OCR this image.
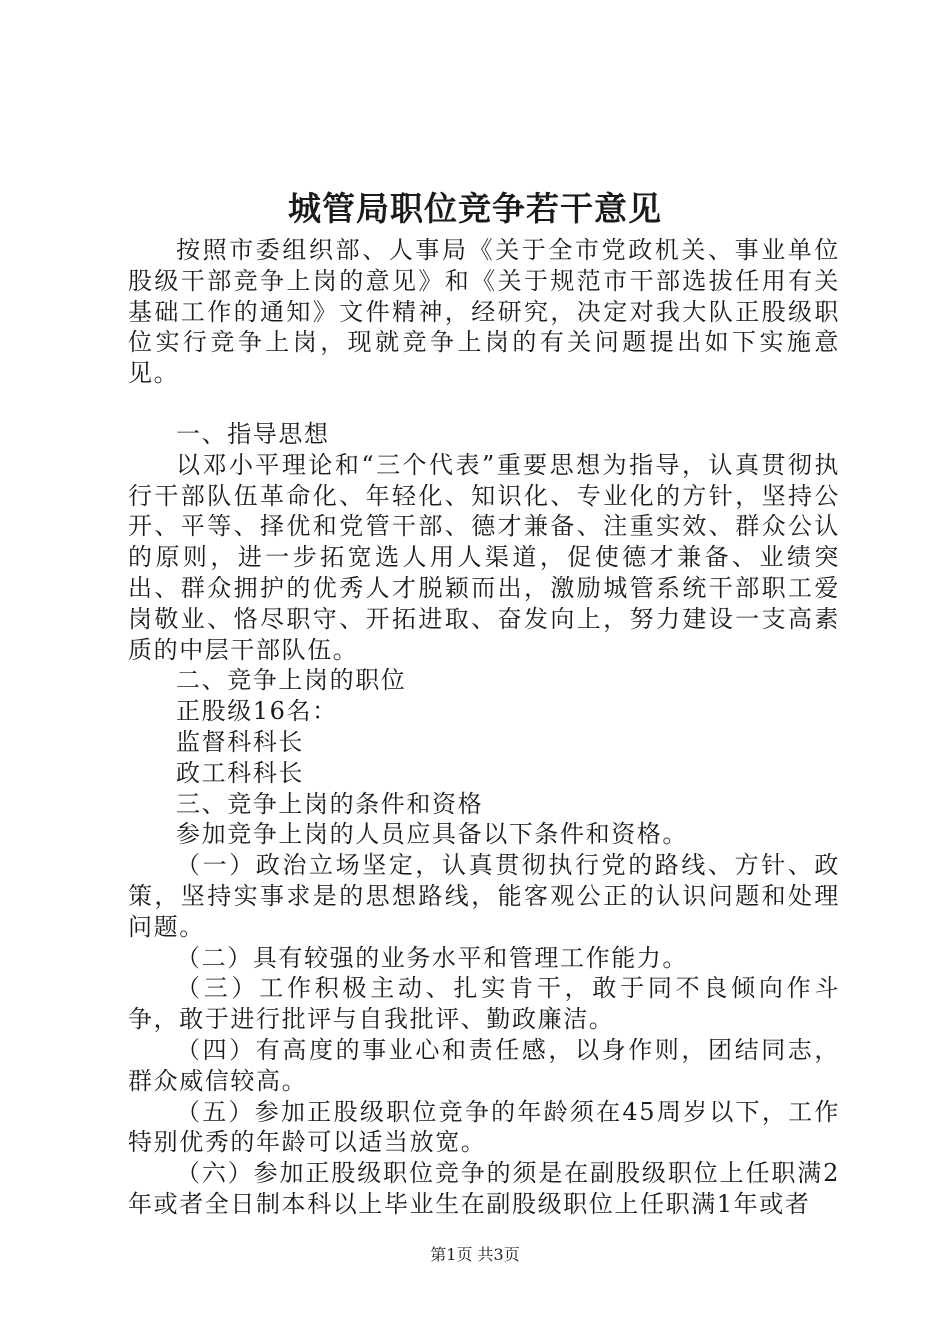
城管局职位竞争若干意见

按照市委组织部、人事局《关于全市党政机关、事业单位股级干部竞争上岗的意见》和《关于规范市干部选拔任用有关基础工作的通知》文件精神，经研究，决定对我大队正股级职位实行竞争上岗，现就竞争上岗的有关问题提出如下实施意见。

一、指导思想

以邓小平理论和“三个代表”重要思想为指导，认真贯彻执行干部队伍革命化、年轻化、知识化、专业化的方针，坚持公开、平等、择优和党管干部、德才兼备、注重实效、群众公认的原则，进一步拓宽选人用人渠道，促使德才兼备、业绩突出、群众拥护的优秀人才脱颖而出，激励城管系统干部职工爱岗敬业、恪尽职守、开拓进取、奋发向上，努力建设一支高素质的中层干部队伍。

二、竞争上岗的职位

正股级16名：

监督科科长

政工科科长

三、竞争上岗的条件和资格

参加竞争上岗的人员应具备以下条件和资格。

（一）政治立场坚定，认真贯彻执行党的路线、方针、政策，坚持实事求是的思想路线，能客观公正的认识问题和处理问题。

（二）具有较强的业务水平和管理工作能力。

（三）工作积极主动、扎实肯干，敢于同不良倾向作斗争，敢于进行批评与自我批评、勤政廉洁。

（四）有高度的事业心和责任感，以身作则，团结同志，群众威信较高。

（五）参加正股级职位竞争的年龄须在45周岁以下，工作特别优秀的年龄可以适当放宽。

（六）参加正股级职位竞争的须是在副股级职位上任职满2年或者全日制本科以上毕业生在副股级职位上任职满1年或者

第1页 共3页
